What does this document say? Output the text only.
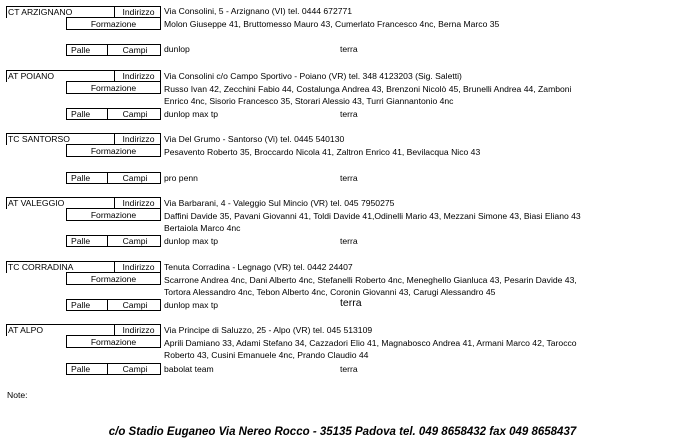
CT ARZIGNANO	Indirizzo	Via Consolini, 5 - Arzignano (VI) tel. 0444 672771
Formazione	Molon Giuseppe 41, Bruttomesso Mauro 43, Cumerlato Francesco 4nc, Berna Marco 35
Palle	Campi	dunlop	terra
AT POIANO	Indirizzo	Via Consolini c/o Campo Sportivo - Poiano (VR) tel. 348 4123203 (Sig. Saletti)
Formazione	Russo Ivan 42, Zecchini Fabio 44, Costalunga Andrea 43, Brenzoni Nicolò 45, Brunelli Andrea 44, Zamboni
Enrico 4nc, Sisorio Francesco 35, Storari Alessio 43, Turri Giannantonio 4nc
Palle	Campi	dunlop max tp	terra
TC SANTORSO	Indirizzo	Via Del Grumo - Santorso (Vi) tel. 0445 540130
Formazione	Pesavento Roberto 35, Broccardo Nicola 41, Zaltron Enrico 41, Bevilacqua Nico 43
Palle	Campi	pro penn	terra
AT VALEGGIO	Indirizzo	Via Barbarani, 4 - Valeggio Sul Mincio (VR) tel. 045 7950275
Formazione	Daffini Davide 35, Pavani Giovanni 41, Toldi Davide 41,Odinelli Mario 43, Mezzani Simone 43, Biasi Eliano 43
Bertaiola Marco 4nc
Palle	Campi	dunlop max tp	terra
TC CORRADINA	Indirizzo	Tenuta Corradina - Legnago (VR) tel. 0442 24407
Formazione	Scarrone Andrea 4nc, Dani Alberto 4nc, Stefanelli Roberto 4nc, Meneghello Gianluca 43, Pesarin Davide 43,
Tortora Alessandro 4nc, Tebon Alberto 4nc, Coronin Giovanni 43, Carugi Alessandro 45
Palle	Campi	dunlop max tp	terra
AT ALPO	Indirizzo	Via Principe di Saluzzo, 25 - Alpo (VR) tel. 045 513109
Formazione	Aprili Damiano 33, Adami Stefano 34, Cazzadori Elio 41, Magnabosco Andrea 41, Armani Marco 42, Tarocco
Roberto 43, Cusini Emanuele 4nc, Prando Claudio 44
Palle	Campi	babolat team	terra
Note:
c/o Stadio Euganeo Via Nereo Rocco - 35135 Padova tel. 049 8658432 fax 049 8658437
